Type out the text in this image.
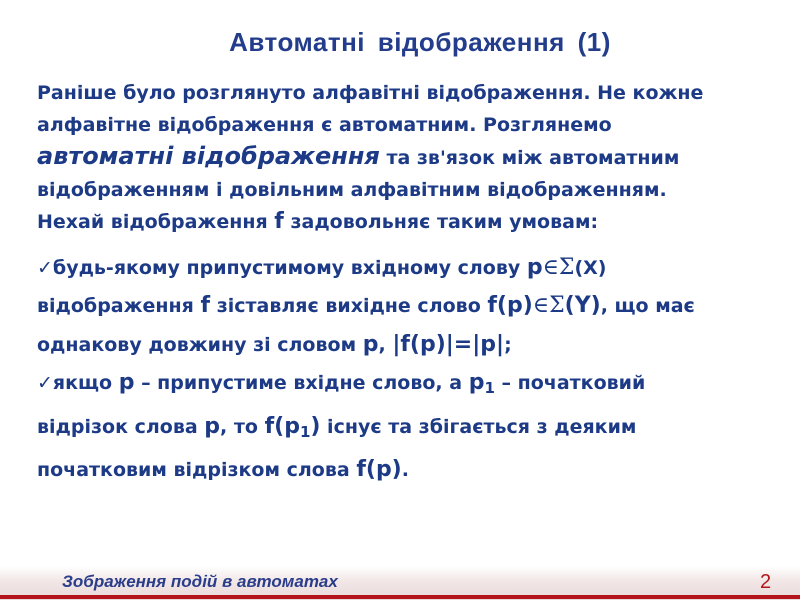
Автоматні відображення (1)
Раніше було розглянуто алфавітні відображення. Не кожне
алфавітне відображення є автоматним. Розглянемо
автоматні відображення та зв'язок між автоматним
відображенням і довільним алфавітним відображенням.
Нехай відображення f задовольняє таким умовам:
✓будь-якому припустимому вхідному слову p∈Σ(X)
відображення f зіставляє вихідне слово f(p)∈Σ(Y), що має
однакову довжину зі словом p, |f(p)|=|p|;
✓якщо p – припустиме вхідне слово, а $p_1$ – початковий
відрізок слова p, то $f(p_1)$ існує та збігається з деяким
початковим відрізком слова f(p).
Зображення подій в автоматах	2
